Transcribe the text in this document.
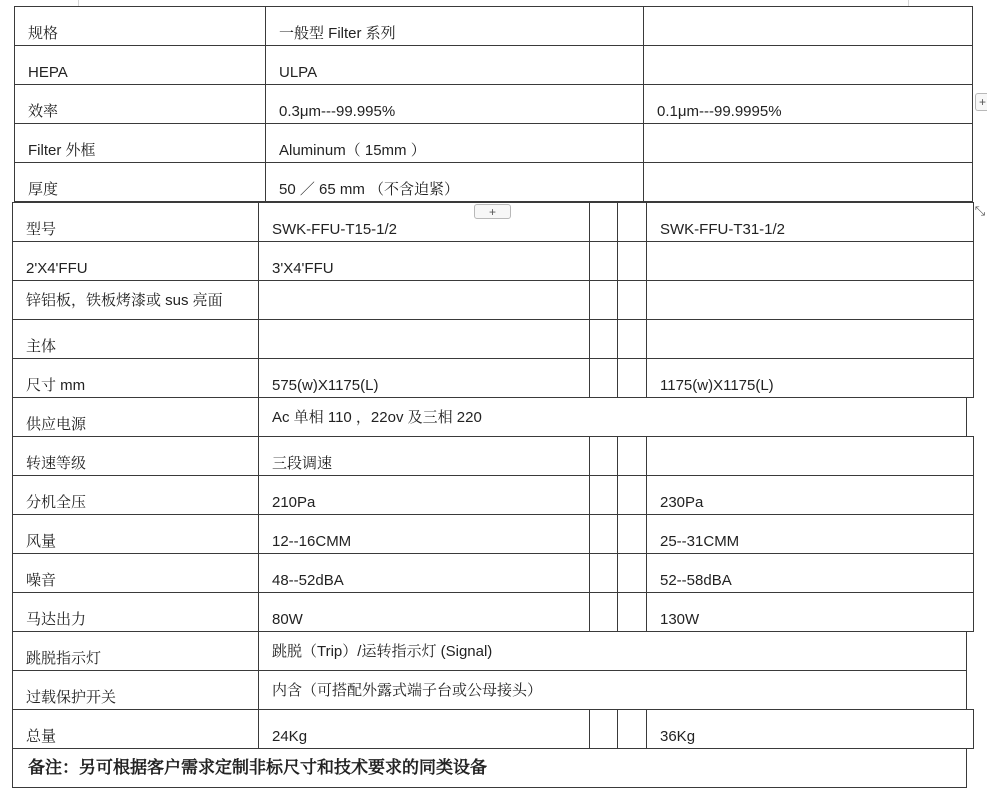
规格	一般型 Filter 系列
HEPA	ULPA
效率	0.3μm---99.995%	0.1μm---99.9995%
Filter 外框	Aluminum（ 15mm ）
厚度	50 ／ 65 mm （不含迫紧）
型号	SWK-FFU-T15-1/2	SWK-FFU-T31-1/2
2'X4'FFU	3'X4'FFU
锌铝板，铁板烤漆或 sus 亮面
主体
尺寸 mm	575(w)X1175(L)	1175(w)X1175(L)
供应电源	Ac 单相 110 ，22ov 及三相 220
转速等级	三段调速
分机全压	210Pa	230Pa
风量	12--16CMM	25--31CMM
噪音	48--52dBA	52--58dBA
马达出力	80W	130W
跳脱指示灯	跳脱（Trip）/运转指示灯 (Signal)
过载保护开关	内含（可搭配外露式端子台或公母接头）
总量	24Kg	36Kg
备注：另可根据客户需求定制非标尺寸和技术要求的同类设备
+
+
⤡
